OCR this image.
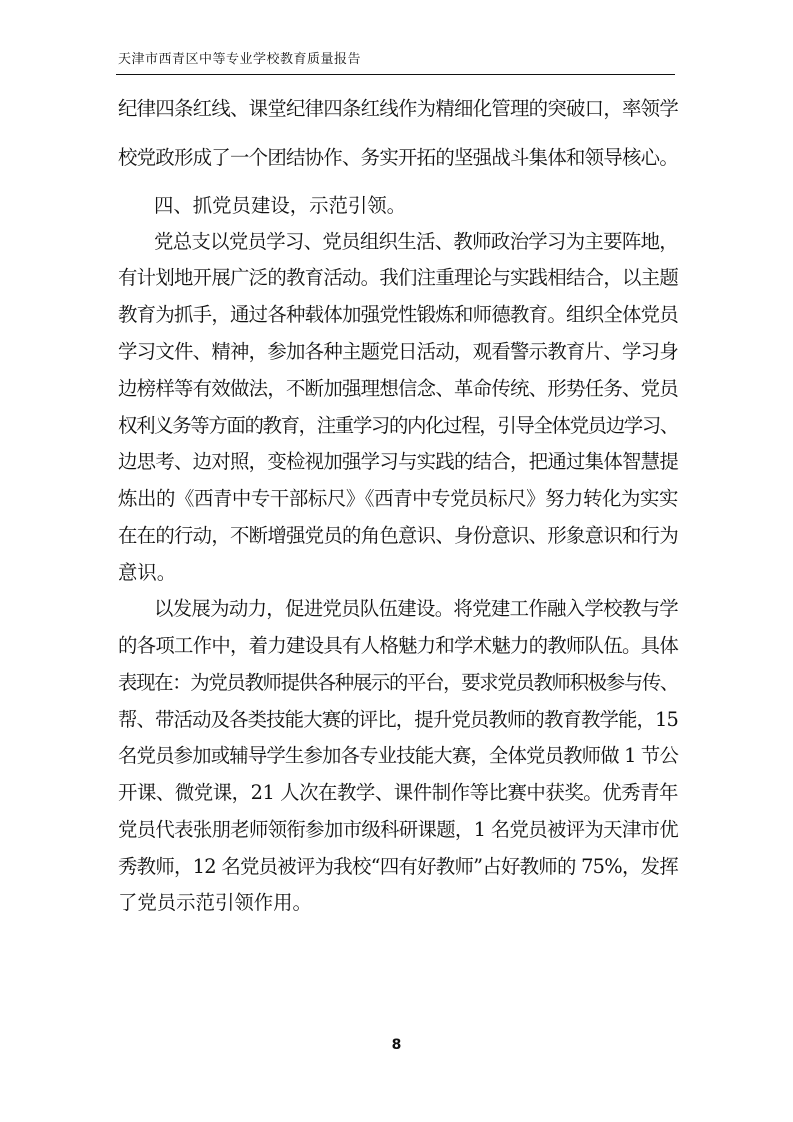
天津市西青区中等专业学校教育质量报告
纪律四条红线、课堂纪律四条红线作为精细化管理的突破口，率领学
校党政形成了一个团结协作、务实开拓的坚强战斗集体和领导核心。
四、抓党员建设，示范引领。
党总支以党员学习、党员组织生活、教师政治学习为主要阵地，
有计划地开展广泛的教育活动。我们注重理论与实践相结合，以主题
教育为抓手，通过各种载体加强党性锻炼和师德教育。组织全体党员
学习文件、精神，参加各种主题党日活动，观看警示教育片、学习身
边榜样等有效做法，不断加强理想信念、革命传统、形势任务、党员
权利义务等方面的教育，注重学习的内化过程，引导全体党员边学习、
边思考、边对照，变检视加强学习与实践的结合，把通过集体智慧提
炼出的《西青中专干部标尺》《西青中专党员标尺》努力转化为实实
在在的行动，不断增强党员的角色意识、身份意识、形象意识和行为
意识。
以发展为动力，促进党员队伍建设。将党建工作融入学校教与学
的各项工作中，着力建设具有人格魅力和学术魅力的教师队伍。具体
表现在：为党员教师提供各种展示的平台，要求党员教师积极参与传、
帮、带活动及各类技能大赛的评比，提升党员教师的教育教学能，15
名党员参加或辅导学生参加各专业技能大赛，全体党员教师做 1 节公
开课、微党课，21 人次在教学、课件制作等比赛中获奖。优秀青年
党员代表张朋老师领衔参加市级科研课题，1 名党员被评为天津市优
秀教师，12 名党员被评为我校“四有好教师”占好教师的 75%，发挥
了党员示范引领作用。
8
